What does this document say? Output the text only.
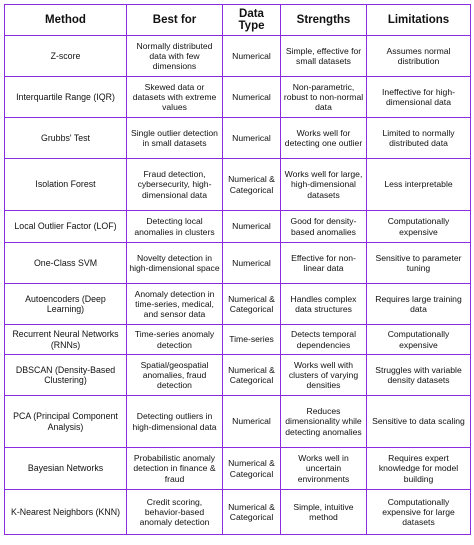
Method	Best for	Data Type	Strengths	Limitations
Z-score	Normally distributed data with few dimensions	Numerical	Simple, effective for small datasets	Assumes normal distribution
Interquartile Range (IQR)	Skewed data or datasets with extreme values	Numerical	Non-parametric, robust to non-normal data	Ineffective for high-dimensional data
Grubbs' Test	Single outlier detection in small datasets	Numerical	Works well for detecting one outlier	Limited to normally distributed data
Isolation Forest	Fraud detection, cybersecurity, high-dimensional data	Numerical & Categorical	Works well for large, high-dimensional datasets	Less interpretable
Local Outlier Factor (LOF)	Detecting local anomalies in clusters	Numerical	Good for density-based anomalies	Computationally expensive
One-Class SVM	Novelty detection in high-dimensional space	Numerical	Effective for non-linear data	Sensitive to parameter tuning
Autoencoders (Deep Learning)	Anomaly detection in time-series, medical, and sensor data	Numerical & Categorical	Handles complex data structures	Requires large training data
Recurrent Neural Networks (RNNs)	Time-series anomaly detection	Time-series	Detects temporal dependencies	Computationally expensive
DBSCAN (Density-Based Clustering)	Spatial/geospatial anomalies, fraud detection	Numerical & Categorical	Works well with clusters of varying densities	Struggles with variable density datasets
PCA (Principal Component Analysis)	Detecting outliers in high-dimensional data	Numerical	Reduces dimensionality while detecting anomalies	Sensitive to data scaling
Bayesian Networks	Probabilistic anomaly detection in finance & fraud	Numerical & Categorical	Works well in uncertain environments	Requires expert knowledge for model building
K-Nearest Neighbors (KNN)	Credit scoring, behavior-based anomaly detection	Numerical & Categorical	Simple, intuitive method	Computationally expensive for large datasets
